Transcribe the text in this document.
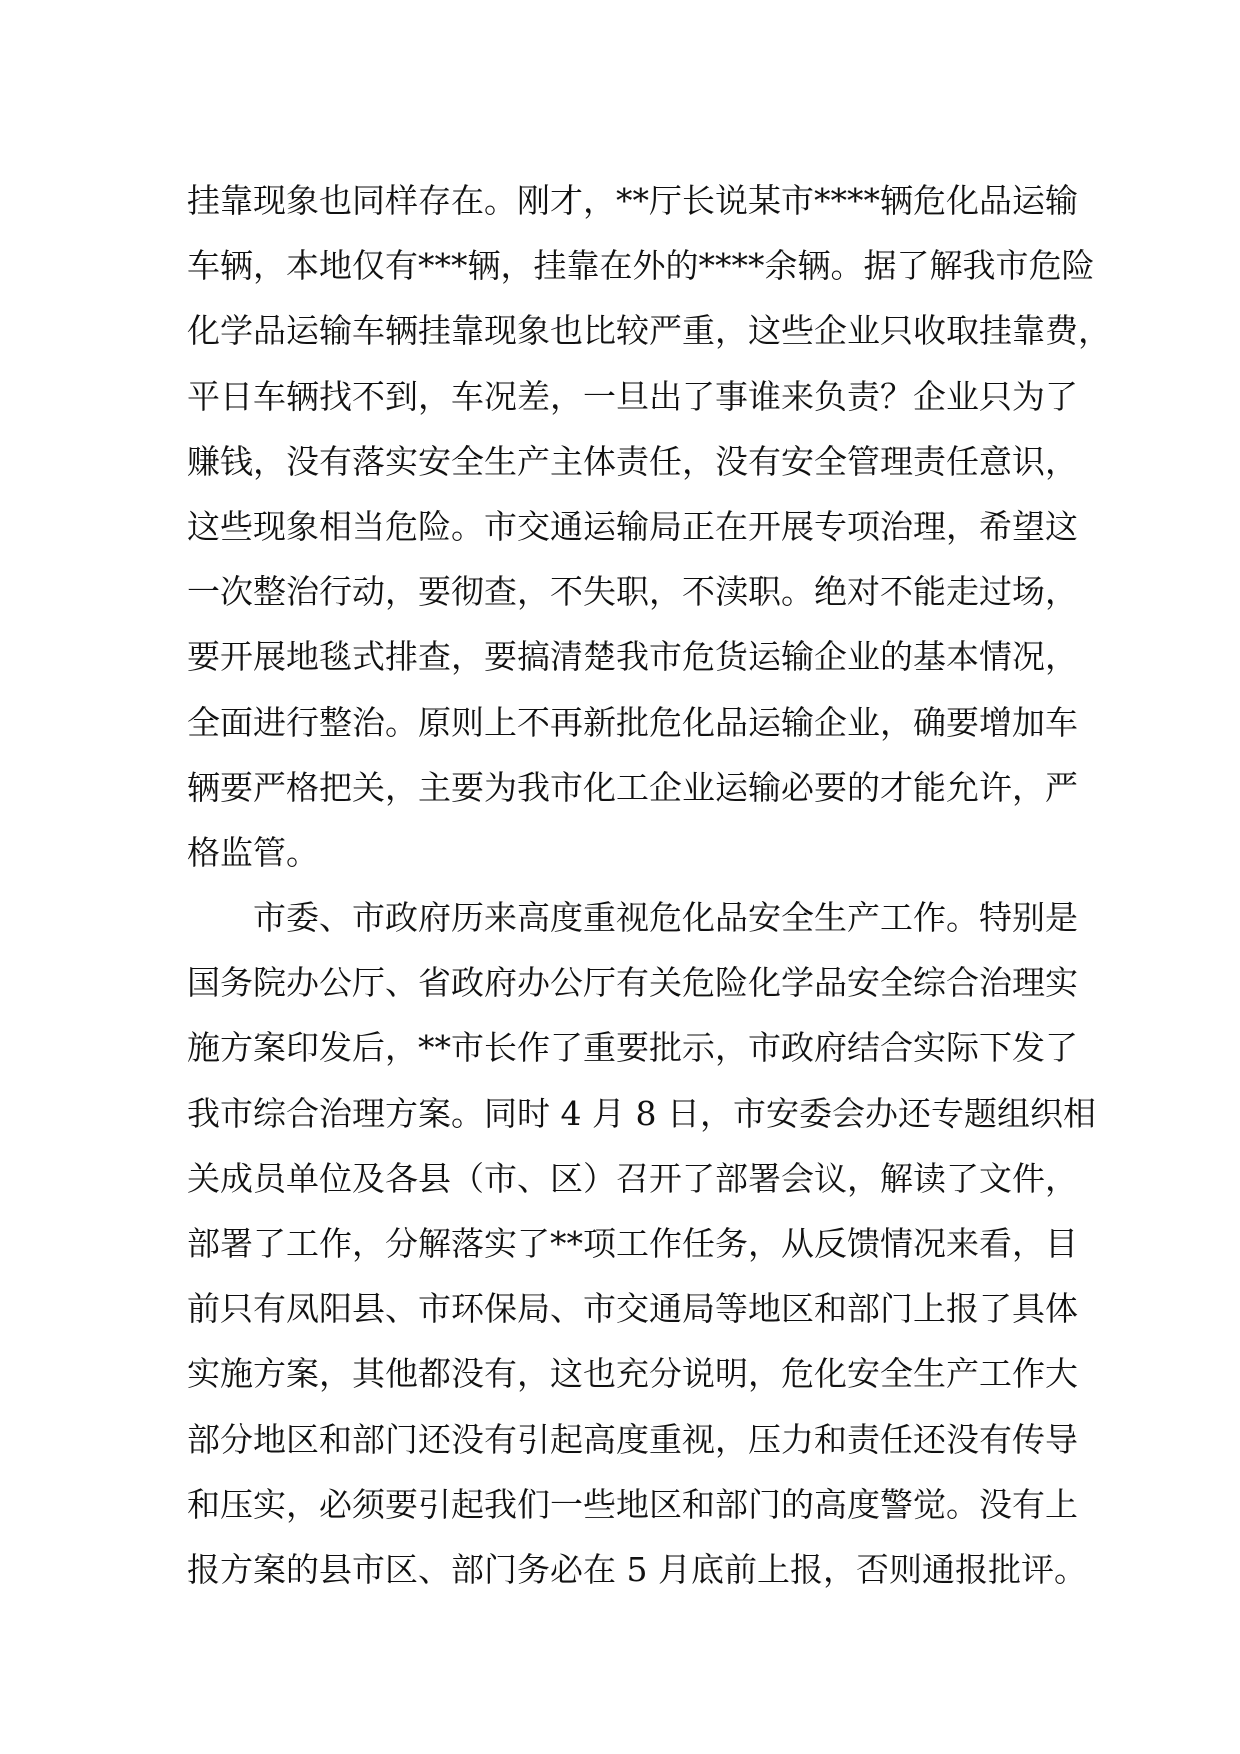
挂靠现象也同样存在。刚才，**厅长说某市****辆危化品运输
车辆，本地仅有***辆，挂靠在外的****余辆。据了解我市危险
化学品运输车辆挂靠现象也比较严重，这些企业只收取挂靠费，
平日车辆找不到，车况差，一旦出了事谁来负责？企业只为了
赚钱，没有落实安全生产主体责任，没有安全管理责任意识，
这些现象相当危险。市交通运输局正在开展专项治理，希望这
一次整治行动，要彻查，不失职，不渎职。绝对不能走过场，
要开展地毯式排查，要搞清楚我市危货运输企业的基本情况，
全面进行整治。原则上不再新批危化品运输企业，确要增加车
辆要严格把关，主要为我市化工企业运输必要的才能允许，严
格监管。
市委、市政府历来高度重视危化品安全生产工作。特别是
国务院办公厅、省政府办公厅有关危险化学品安全综合治理实
施方案印发后，**市长作了重要批示，市政府结合实际下发了
我市综合治理方案。同时 4 月 8 日，市安委会办还专题组织相
关成员单位及各县（市、区）召开了部署会议，解读了文件，
部署了工作，分解落实了**项工作任务，从反馈情况来看，目
前只有凤阳县、市环保局、市交通局等地区和部门上报了具体
实施方案，其他都没有，这也充分说明，危化安全生产工作大
部分地区和部门还没有引起高度重视，压力和责任还没有传导
和压实，必须要引起我们一些地区和部门的高度警觉。没有上
报方案的县市区、部门务必在 5 月底前上报，否则通报批评。
